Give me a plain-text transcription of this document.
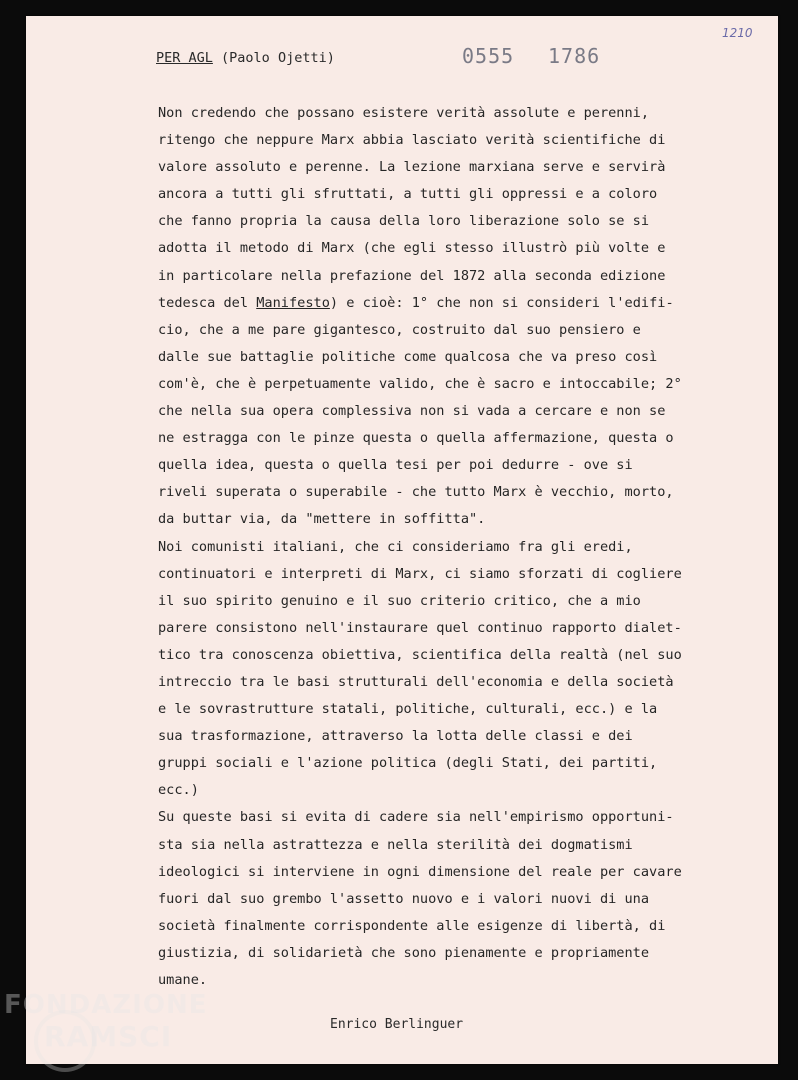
1210
PER AGL (Paolo Ojetti)	0555 1786
Non credendo che possano esistere verità assolute e perenni,
ritengo che neppure Marx abbia lasciato verità scientifiche di
valore assoluto e perenne. La lezione marxiana serve e servirà
ancora a tutti gli sfruttati, a tutti gli oppressi e a coloro
che fanno propria la causa della loro liberazione solo se si
adotta il metodo di Marx (che egli stesso illustrò più volte e
in particolare nella prefazione del 1872 alla seconda edizione
tedesca del Manifesto) e cioè: 1° che non si consideri l'edifi-
cio, che a me pare gigantesco, costruito dal suo pensiero e
dalle sue battaglie politiche come qualcosa che va preso così
com'è, che è perpetuamente valido, che è sacro e intoccabile; 2°
che nella sua opera complessiva non si vada a cercare e non se
ne estragga con le pinze questa o quella affermazione, questa o
quella idea, questa o quella tesi per poi dedurre - ove si
riveli superata o superabile - che tutto Marx è vecchio, morto,
da buttar via, da "mettere in soffitta".
Noi comunisti italiani, che ci consideriamo fra gli eredi,
continuatori e interpreti di Marx, ci siamo sforzati di cogliere
il suo spirito genuino e il suo criterio critico, che a mio
parere consistono nell'instaurare quel continuo rapporto dialet-
tico tra conoscenza obiettiva, scientifica della realtà (nel suo
intreccio tra le basi strutturali dell'economia e della società
e le sovrastrutture statali, politiche, culturali, ecc.) e la
sua trasformazione, attraverso la lotta delle classi e dei
gruppi sociali e l'azione politica (degli Stati, dei partiti,
ecc.)
Su queste basi si evita di cadere sia nell'empirismo opportuni-
sta sia nella astrattezza e nella sterilità dei dogmatismi
ideologici si interviene in ogni dimensione del reale per cavare
fuori dal suo grembo l'assetto nuovo e i valori nuovi di una
società finalmente corrispondente alle esigenze di libertà, di
giustizia, di solidarietà che sono pienamente e propriamente
umane.
Enrico Berlinguer
FONDAZIONE
RAMSCI
